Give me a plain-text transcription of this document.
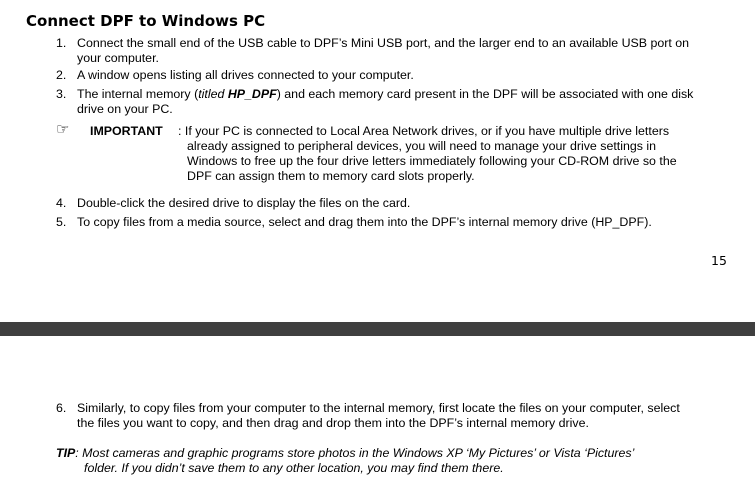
Connect DPF to Windows PC
1. Connect the small end of the USB cable to DPF’s Mini USB port, and the larger end to an available USB port on
your computer.
2. A window opens listing all drives connected to your computer.
3. The internal memory (titled HP_DPF) and each memory card present in the DPF will be associated with one disk
drive on your PC.
☞ IMPORTANT : If your PC is connected to Local Area Network drives, or if you have multiple drive letters
already assigned to peripheral devices, you will need to manage your drive settings in
Windows to free up the four drive letters immediately following your CD-ROM drive so the
DPF can assign them to memory card slots properly.
4. Double-click the desired drive to display the files on the card.
5. To copy files from a media source, select and drag them into the DPF’s internal memory drive (HP_DPF).
15
6. Similarly, to copy files from your computer to the internal memory, first locate the files on your computer, select
the files you want to copy, and then drag and drop them into the DPF’s internal memory drive.
TIP: Most cameras and graphic programs store photos in the Windows XP ‘My Pictures’ or Vista ‘Pictures’
folder. If you didn’t save them to any other location, you may find them there.
